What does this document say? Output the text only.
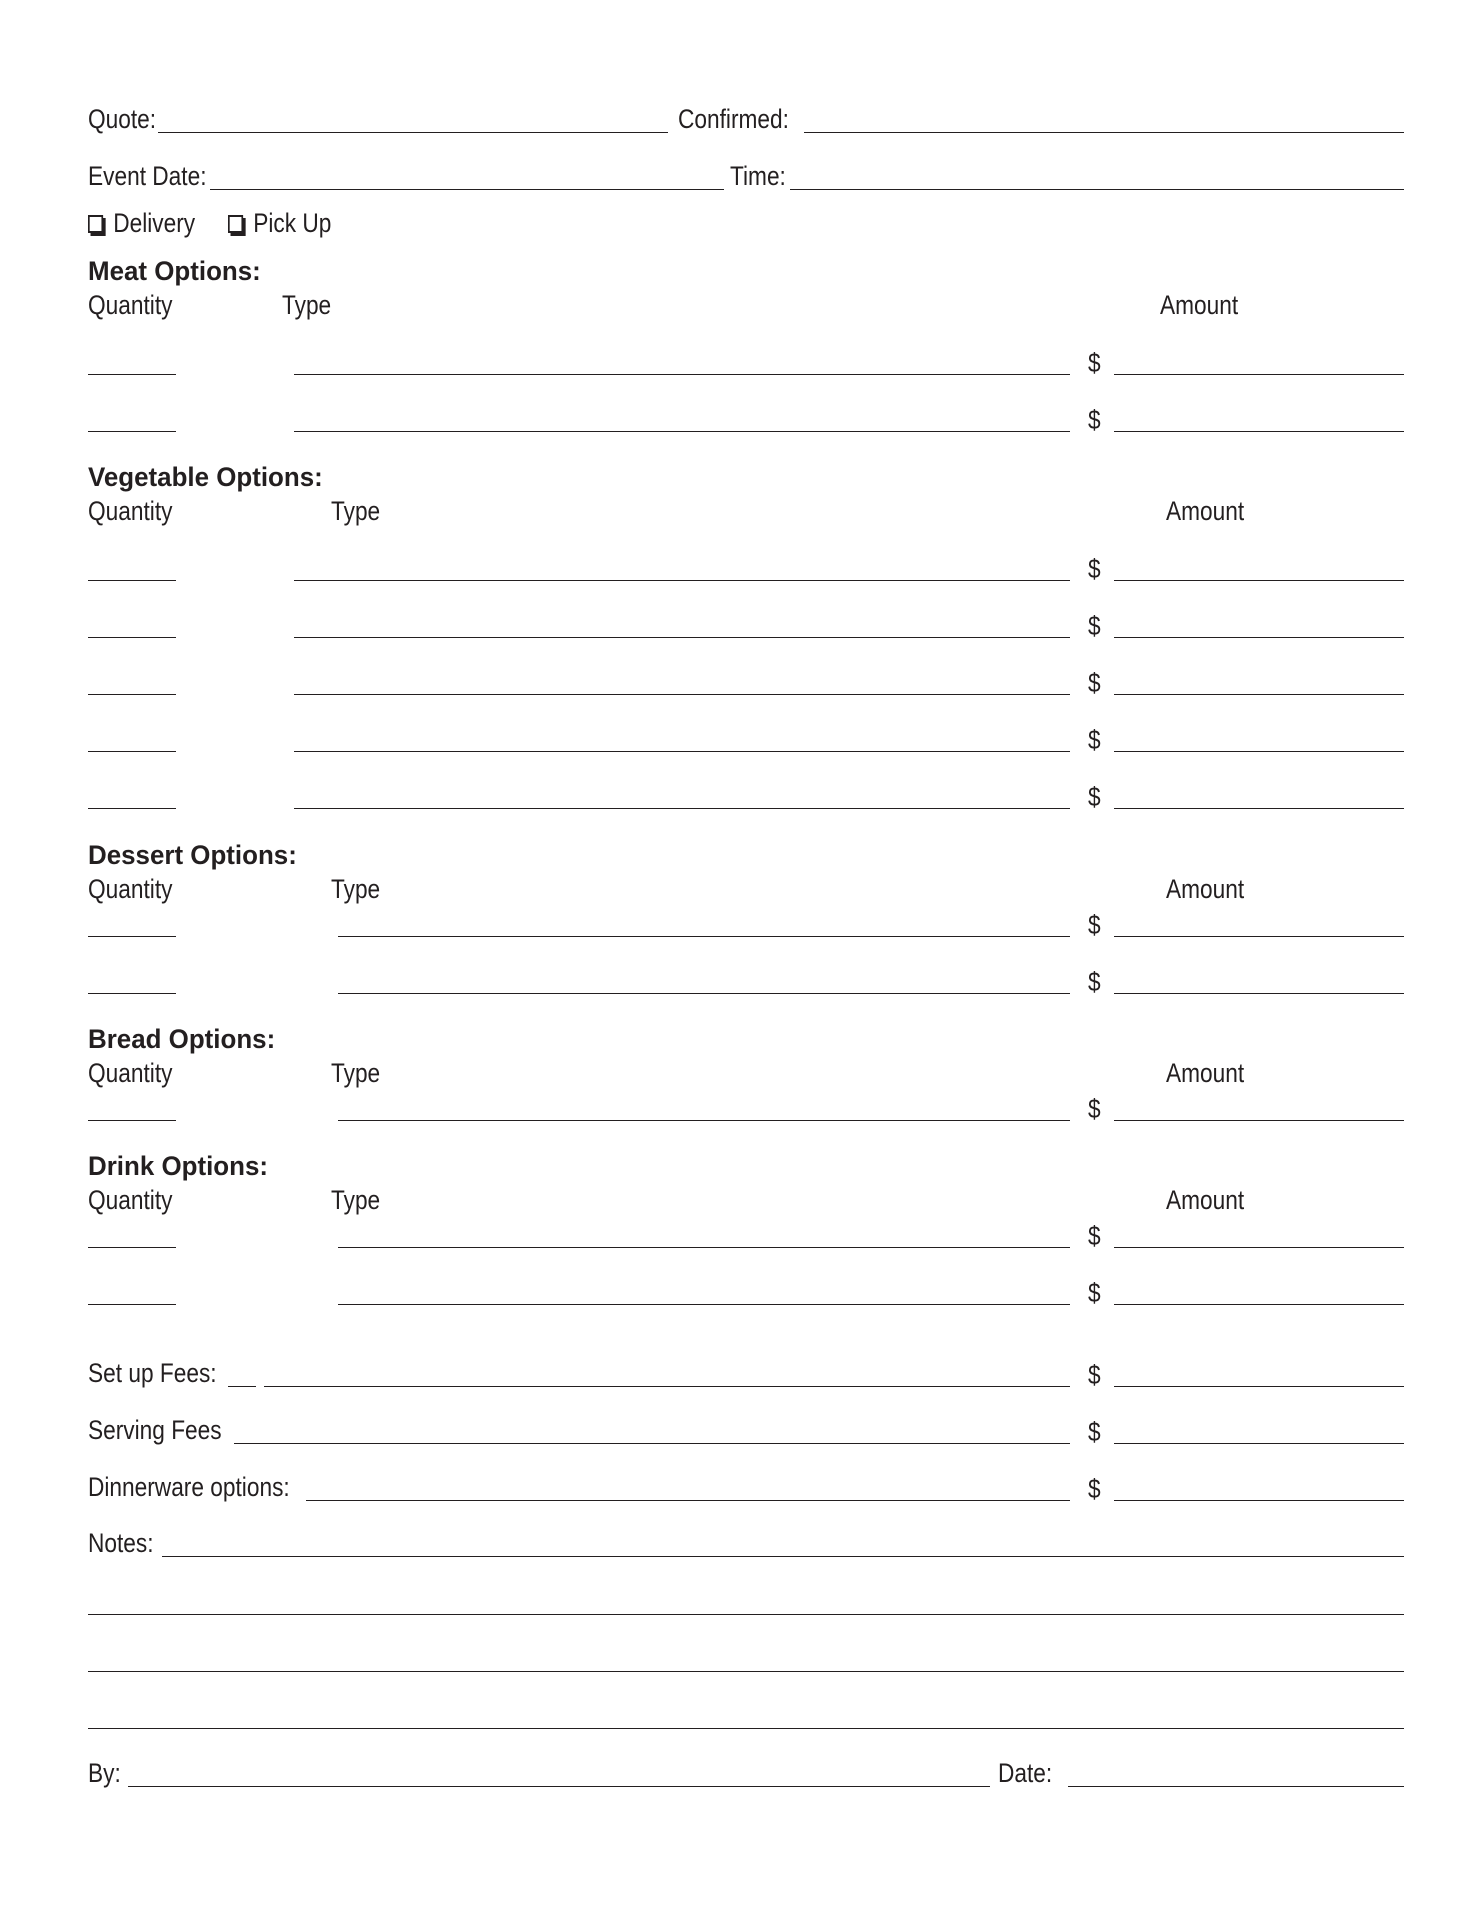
Quote:	Confirmed:
Event Date:	Time:
Delivery	Pick Up
Meat Options:
Quantity	Type	Amount
$
$
Vegetable Options:
Quantity	Type	Amount
$
$
$
$
$
Dessert Options:
Quantity	Type	Amount
$
$
Bread Options:
Quantity	Type	Amount
$
Drink Options:
Quantity	Type	Amount
$
$
Set up Fees:	$
Serving Fees	$
Dinnerware options:	$
Notes:
By:	Date:
